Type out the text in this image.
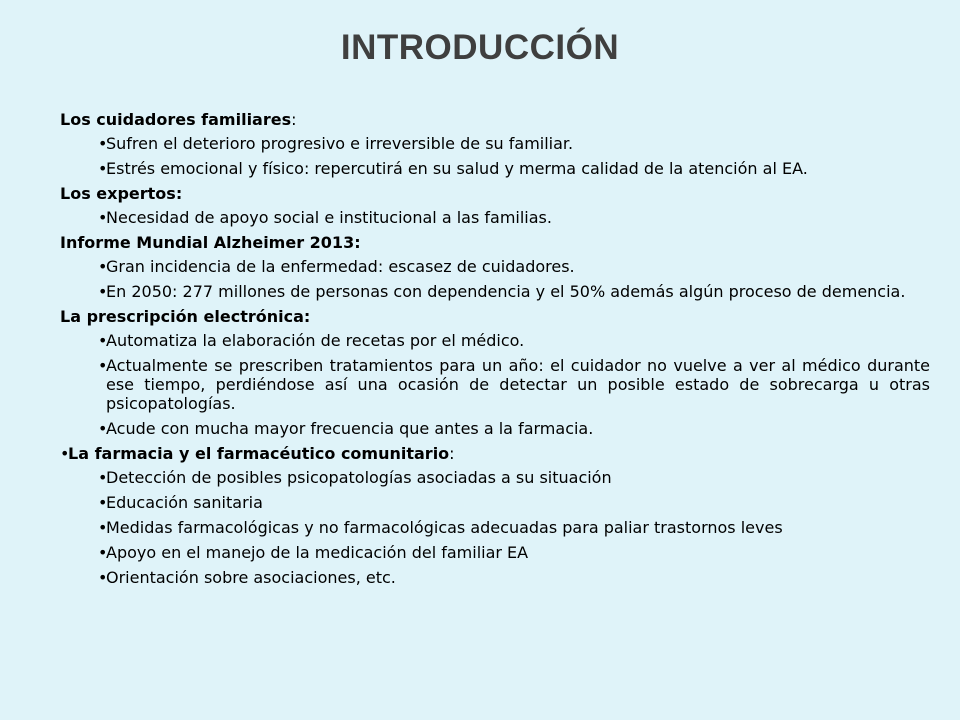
INTRODUCCIÓN
Los cuidadores familiares:
•
Sufren el deterioro progresivo e irreversible de su familiar.
•
Estrés emocional y físico: repercutirá en su salud y merma calidad de la atención al EA.
Los expertos:
•
Necesidad de apoyo social e institucional a las familias.
Informe Mundial Alzheimer 2013:
•
Gran incidencia de la enfermedad: escasez de cuidadores.
•
En 2050: 277 millones de personas con dependencia y el 50% además algún proceso de demencia.
La prescripción electrónica:
•
Automatiza la elaboración de recetas por el médico.
•
Actualmente se prescriben tratamientos para un año: el cuidador no vuelve a ver al médico durante ese tiempo, perdiéndose así una ocasión de detectar un posible estado de sobrecarga u otras psicopatologías.
•
Acude con mucha mayor frecuencia que antes a la farmacia.
•
La farmacia y el farmacéutico comunitario:
•
Detección de posibles psicopatologías asociadas a su situación
•
Educación sanitaria
•
Medidas farmacológicas y no farmacológicas adecuadas para paliar trastornos leves
•
Apoyo en el manejo de la medicación del familiar EA
•
Orientación sobre asociaciones, etc.
